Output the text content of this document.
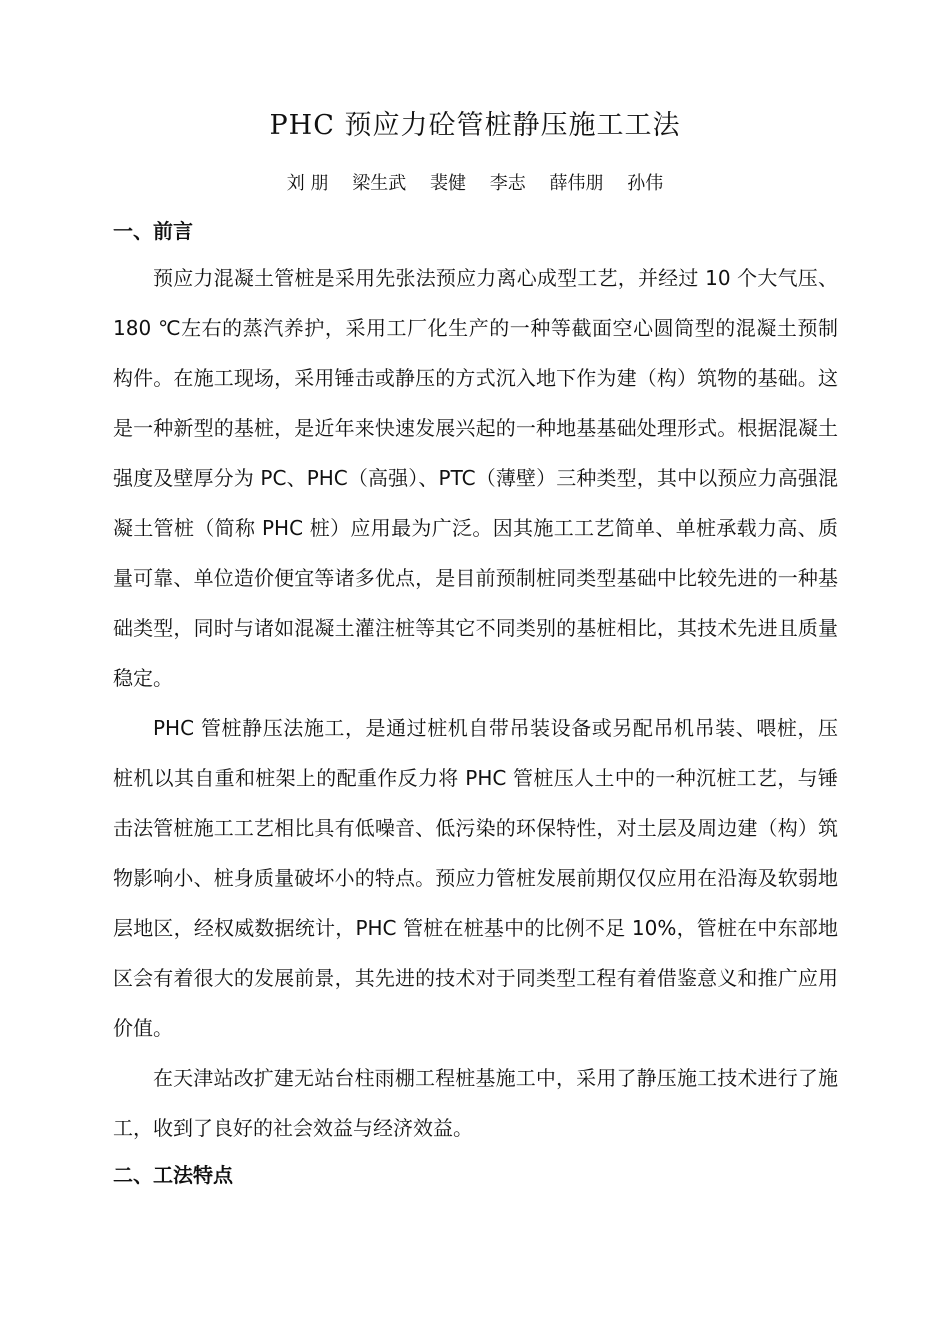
PHC 预应力砼管桩静压施工工法
刘 朋 梁生武 裴健 李志 薛伟朋 孙伟
一、前言

预应力混凝土管桩是采用先张法预应力离心成型工艺，并经过 10 个大气压、180 ℃左右的蒸汽养护，采用工厂化生产的一种等截面空心圆筒型的混凝土预制构件。在施工现场，采用锤击或静压的方式沉入地下作为建（构）筑物的基础。这是一种新型的基桩，是近年来快速发展兴起的一种地基基础处理形式。根据混凝土强度及壁厚分为 PC、PHC（高强）、PTC（薄壁）三种类型，其中以预应力高强混凝土管桩（简称 PHC 桩）应用最为广泛。因其施工工艺简单、单桩承载力高、质量可靠、单位造价便宜等诸多优点，是目前预制桩同类型基础中比较先进的一种基础类型，同时与诸如混凝土灌注桩等其它不同类别的基桩相比，其技术先进且质量稳定。

PHC 管桩静压法施工，是通过桩机自带吊装设备或另配吊机吊装、喂桩，压桩机以其自重和桩架上的配重作反力将 PHC 管桩压人土中的一种沉桩工艺，与锤击法管桩施工工艺相比具有低噪音、低污染的环保特性，对土层及周边建（构）筑物影响小、桩身质量破坏小的特点。预应力管桩发展前期仅仅应用在沿海及软弱地层地区，经权威数据统计，PHC 管桩在桩基中的比例不足 10%，管桩在中东部地区会有着很大的发展前景，其先进的技术对于同类型工程有着借鉴意义和推广应用价值。

在天津站改扩建无站台柱雨棚工程桩基施工中，采用了静压施工技术进行了施工，收到了良好的社会效益与经济效益。

二、工法特点
